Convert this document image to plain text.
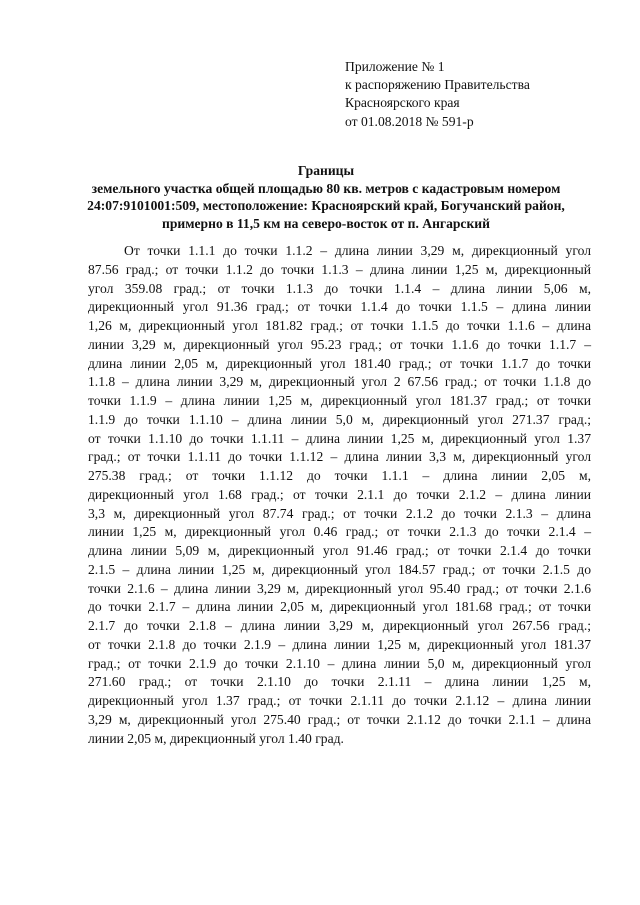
Приложение № 1
к распоряжению Правительства
Красноярского края
от 01.08.2018 № 591-р
Границы
земельного участка общей площадью 80 кв. метров с кадастровым номером
24:07:9101001:509, местоположение: Красноярский край, Богучанский район,
примерно в 11,5 км на северо-восток от п. Ангарский
От точки 1.1.1 до точки 1.1.2 – длина линии 3,29 м, дирекционный угол
87.56 град.; от точки 1.1.2 до точки 1.1.3 – длина линии 1,25 м, дирекционный
угол 359.08 град.; от точки 1.1.3 до точки 1.1.4 – длина линии 5,06 м,
дирекционный угол 91.36 град.; от точки 1.1.4 до точки 1.1.5 – длина линии
1,26 м, дирекционный угол 181.82 град.; от точки 1.1.5 до точки 1.1.6 – длина
линии 3,29 м, дирекционный угол 95.23 град.; от точки 1.1.6 до точки 1.1.7 –
длина линии 2,05 м, дирекционный угол 181.40 град.; от точки 1.1.7 до точки
1.1.8 – длина линии 3,29 м, дирекционный угол 2 67.56 град.; от точки 1.1.8 до
точки 1.1.9 – длина линии 1,25 м, дирекционный угол 181.37 град.; от точки
1.1.9 до точки 1.1.10 – длина линии 5,0 м, дирекционный угол 271.37 град.;
от точки 1.1.10 до точки 1.1.11 – длина линии 1,25 м, дирекционный угол 1.37
град.; от точки 1.1.11 до точки 1.1.12 – длина линии 3,3 м, дирекционный угол
275.38 град.; от точки 1.1.12 до точки 1.1.1 – длина линии 2,05 м,
дирекционный угол 1.68 град.; от точки 2.1.1 до точки 2.1.2 – длина линии
3,3 м, дирекционный угол 87.74 град.; от точки 2.1.2 до точки 2.1.3 – длина
линии 1,25 м, дирекционный угол 0.46 град.; от точки 2.1.3 до точки 2.1.4 –
длина линии 5,09 м, дирекционный угол 91.46 град.; от точки 2.1.4 до точки
2.1.5 – длина линии 1,25 м, дирекционный угол 184.57 град.; от точки 2.1.5 до
точки 2.1.6 – длина линии 3,29 м, дирекционный угол 95.40 град.; от точки 2.1.6
до точки 2.1.7 – длина линии 2,05 м, дирекционный угол 181.68 град.; от точки
2.1.7 до точки 2.1.8 – длина линии 3,29 м, дирекционный угол 267.56 град.;
от точки 2.1.8 до точки 2.1.9 – длина линии 1,25 м, дирекционный угол 181.37
град.; от точки 2.1.9 до точки 2.1.10 – длина линии 5,0 м, дирекционный угол
271.60 град.; от точки 2.1.10 до точки 2.1.11 – длина линии 1,25 м,
дирекционный угол 1.37 град.; от точки 2.1.11 до точки 2.1.12 – длина линии
3,29 м, дирекционный угол 275.40 град.; от точки 2.1.12 до точки 2.1.1 – длина
линии 2,05 м, дирекционный угол 1.40 град.
